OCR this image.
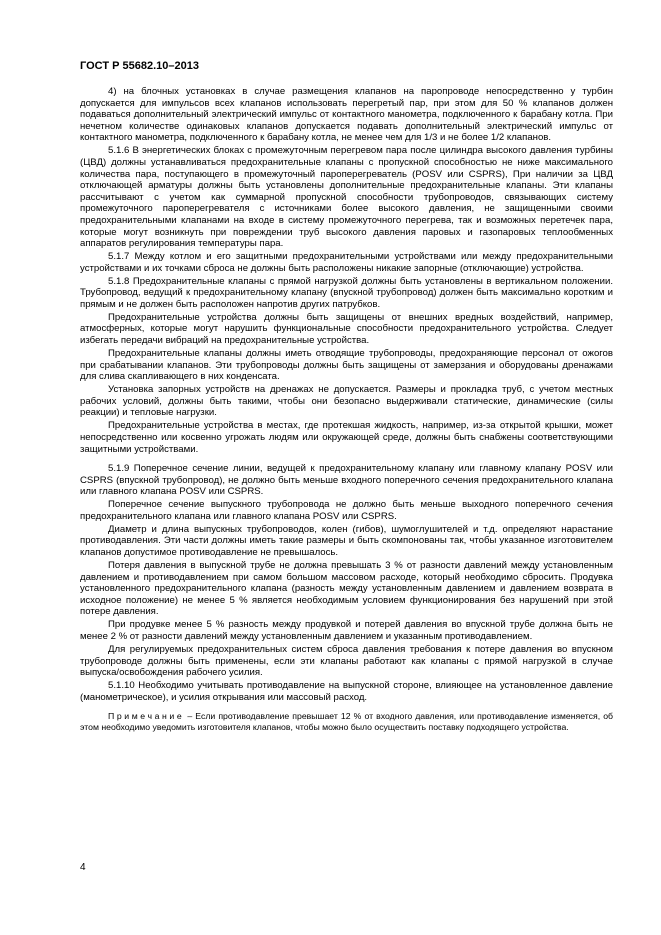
ГОСТ Р 55682.10–2013

4) на блочных установках в случае размещения клапанов на паропроводе непосредственно у турбин допускается для импульсов всех клапанов использовать перегретый пар, при этом для 50 % клапанов должен подаваться дополнительный электрический импульс от контактного манометра, подключенного к барабану котла. При нечетном количестве одинаковых клапанов допускается подавать дополнительный электрический импульс от контактного манометра, подключенного к барабану котла, не менее чем для 1/3 и не более 1/2 клапанов.

5.1.6 В энергетических блоках с промежуточным перегревом пара после цилиндра высокого давления турбины (ЦВД) должны устанавливаться предохранительные клапаны с пропускной способностью не ниже максимального количества пара, поступающего в промежуточный пароперегреватель (POSV или CSPRS), При наличии за ЦВД отключающей арматуры должны быть установлены дополнительные предохранительные клапаны. Эти клапаны рассчитывают с учетом как суммарной пропускной способности трубопроводов, связывающих систему промежуточного пароперегревателя с источниками более высокого давления, не защищенными своими предохранительными клапанами на входе в систему промежуточного перегрева, так и возможных перетечек пара, которые могут возникнуть при повреждении труб высокого давления паровых и газопаровых теплообменных аппаратов регулирования температуры пара.

5.1.7 Между котлом и его защитными предохранительными устройствами или между предохранительными устройствами и их точками сброса не должны быть расположены никакие запорные (отключающие) устройства.

5.1.8 Предохранительные клапаны с прямой нагрузкой должны быть установлены в вертикальном положении. Трубопровод, ведущий к предохранительному клапану (впускной трубопровод) должен быть максимально коротким и прямым и не должен быть расположен напротив других патрубков.

Предохранительные устройства должны быть защищены от внешних вредных воздействий, например, атмосферных, которые могут нарушить функциональные способности предохранительного устройства. Следует избегать передачи вибраций на предохранительные устройства.

Предохранительные клапаны должны иметь отводящие трубопроводы, предохраняющие персонал от ожогов при срабатывании клапанов. Эти трубопроводы должны быть защищены от замерзания и оборудованы дренажами для слива скапливающего в них конденсата.

Установка запорных устройств на дренажах не допускается. Размеры и прокладка труб, с учетом местных рабочих условий, должны быть такими, чтобы они безопасно выдерживали статические, динамические (силы реакции) и тепловые нагрузки.

Предохранительные устройства в местах, где протекшая жидкость, например, из-за открытой крышки, может непосредственно или косвенно угрожать людям или окружающей среде, должны быть снабжены соответствующими защитными устройствами.

5.1.9 Поперечное сечение линии, ведущей к предохранительному клапану или главному клапану POSV или CSPRS (впускной трубопровод), не должно быть меньше входного поперечного сечения предохранительного клапана или главного клапана POSV или CSPRS.

Поперечное сечение выпускного трубопровода не должно быть меньше выходного поперечного сечения предохранительного клапана или главного клапана POSV или CSPRS.

Диаметр и длина выпускных трубопроводов, колен (гибов), шумоглушителей и т.д. определяют нарастание противодавления. Эти части должны иметь такие размеры и быть скомпонованы так, чтобы указанное изготовителем клапанов допустимое противодавление не превышалось.

Потеря давления в выпускной трубе не должна превышать 3 % от разности давлений между установленным давлением и противодавлением при самом большом массовом расходе, который необходимо сбросить. Продувка установленного предохранительного клапана (разность между установленным давлением и давлением возврата в исходное положение) не менее 5 % является необходимым условием функционирования без нарушений при этой потере давления.

При продувке менее 5 % разность между продувкой и потерей давления во впускной трубе должна быть не менее 2 % от разности давлений между установленным давлением и указанным противодавлением.

Для регулируемых предохранительных систем сброса давления требования к потере давления во впускном трубопроводе должны быть применены, если эти клапаны работают как клапаны с прямой нагрузкой в случае выпуска/освобождения рабочего усилия.

5.1.10 Необходимо учитывать противодавление на выпускной стороне, влияющее на установленное давление (манометрическое), и усилия открывания или массовый расход.

Примечание – Если противодавление превышает 12 % от входного давления, или противодавление изменяется, об этом необходимо уведомить изготовителя клапанов, чтобы можно было осуществить поставку подходящего устройства.
4
